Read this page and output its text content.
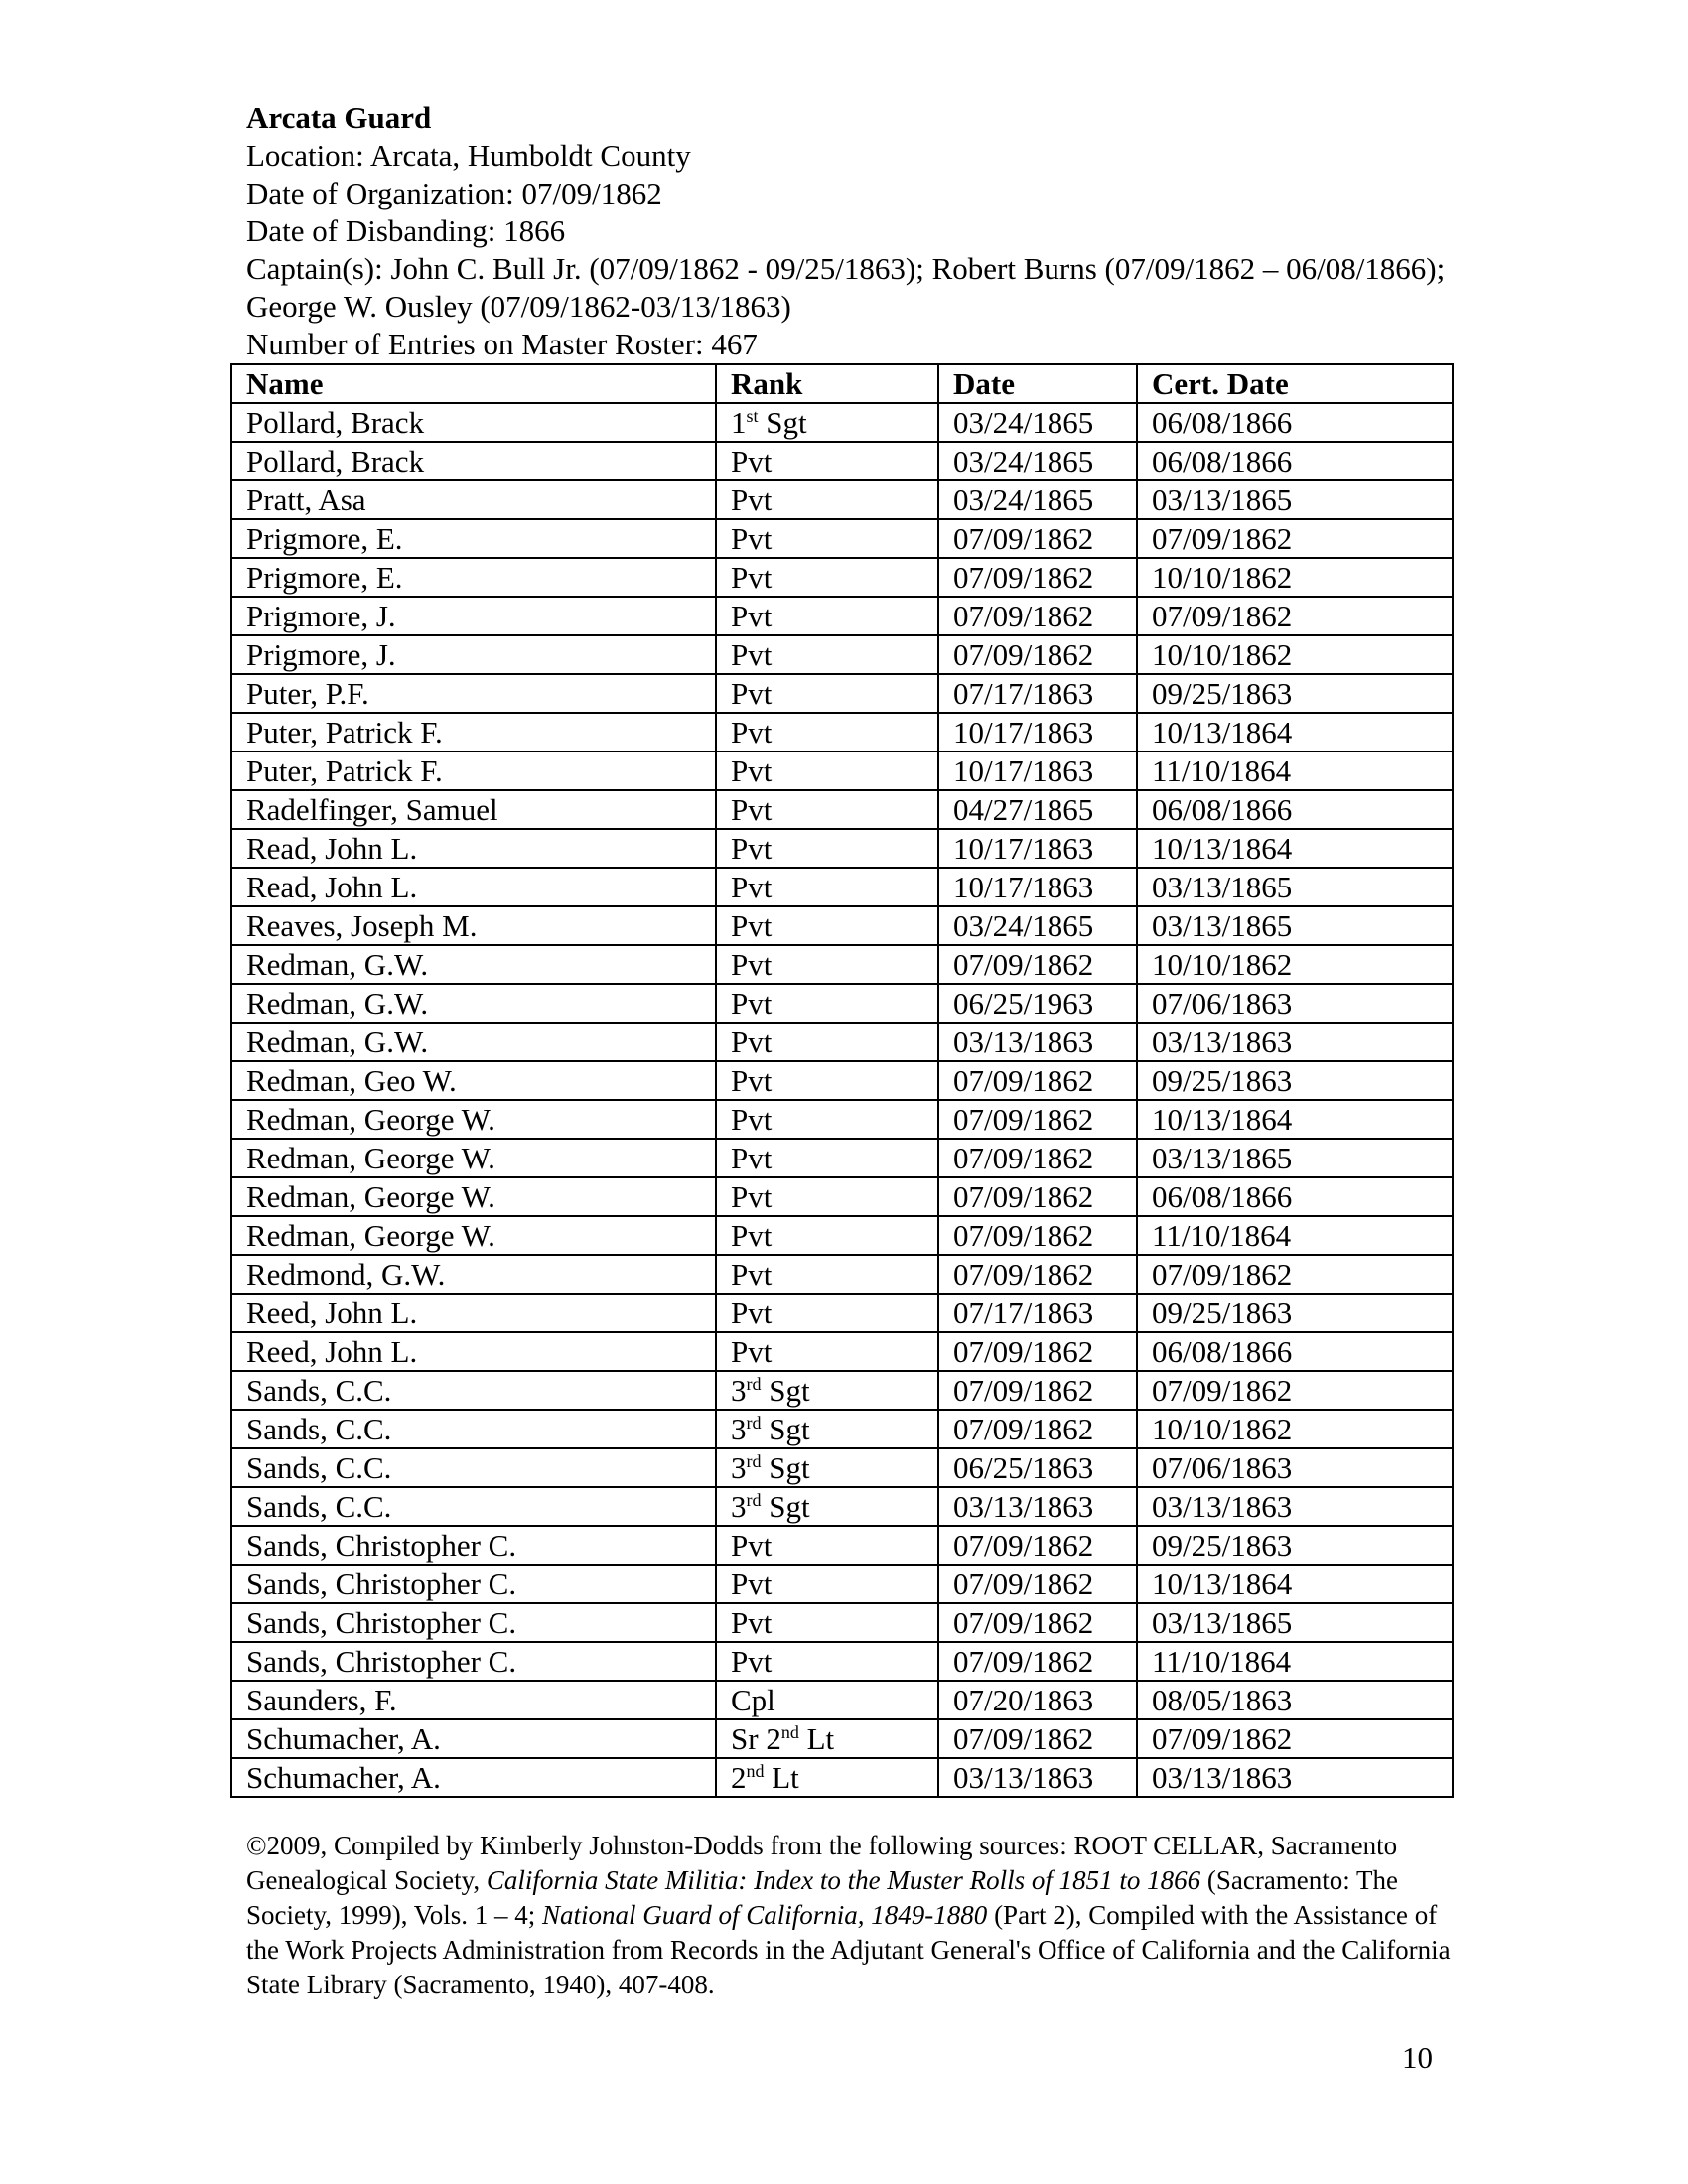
Arcata Guard
Location: Arcata, Humboldt County
Date of Organization: 07/09/1862
Date of Disbanding: 1866
Captain(s): John C. Bull Jr. (07/09/1862 - 09/25/1863); Robert Burns (07/09/1862 – 06/08/1866); George W. Ousley (07/09/1862-03/13/1863)
Number of Entries on Master Roster: 467
Name	Rank	Date	Cert. Date
Pollard, Brack	1st Sgt	03/24/1865	06/08/1866
Pollard, Brack	Pvt	03/24/1865	06/08/1866
Pratt, Asa	Pvt	03/24/1865	03/13/1865
Prigmore, E.	Pvt	07/09/1862	07/09/1862
Prigmore, E.	Pvt	07/09/1862	10/10/1862
Prigmore, J.	Pvt	07/09/1862	07/09/1862
Prigmore, J.	Pvt	07/09/1862	10/10/1862
Puter, P.F.	Pvt	07/17/1863	09/25/1863
Puter, Patrick F.	Pvt	10/17/1863	10/13/1864
Puter, Patrick F.	Pvt	10/17/1863	11/10/1864
Radelfinger, Samuel	Pvt	04/27/1865	06/08/1866
Read, John L.	Pvt	10/17/1863	10/13/1864
Read, John L.	Pvt	10/17/1863	03/13/1865
Reaves, Joseph M.	Pvt	03/24/1865	03/13/1865
Redman, G.W.	Pvt	07/09/1862	10/10/1862
Redman, G.W.	Pvt	06/25/1963	07/06/1863
Redman, G.W.	Pvt	03/13/1863	03/13/1863
Redman, Geo W.	Pvt	07/09/1862	09/25/1863
Redman, George W.	Pvt	07/09/1862	10/13/1864
Redman, George W.	Pvt	07/09/1862	03/13/1865
Redman, George W.	Pvt	07/09/1862	06/08/1866
Redman, George W.	Pvt	07/09/1862	11/10/1864
Redmond, G.W.	Pvt	07/09/1862	07/09/1862
Reed, John L.	Pvt	07/17/1863	09/25/1863
Reed, John L.	Pvt	07/09/1862	06/08/1866
Sands, C.C.	3rd Sgt	07/09/1862	07/09/1862
Sands, C.C.	3rd Sgt	07/09/1862	10/10/1862
Sands, C.C.	3rd Sgt	06/25/1863	07/06/1863
Sands, C.C.	3rd Sgt	03/13/1863	03/13/1863
Sands, Christopher C.	Pvt	07/09/1862	09/25/1863
Sands, Christopher C.	Pvt	07/09/1862	10/13/1864
Sands, Christopher C.	Pvt	07/09/1862	03/13/1865
Sands, Christopher C.	Pvt	07/09/1862	11/10/1864
Saunders, F.	Cpl	07/20/1863	08/05/1863
Schumacher, A.	Sr 2nd Lt	07/09/1862	07/09/1862
Schumacher, A.	2nd Lt	03/13/1863	03/13/1863
©2009, Compiled by Kimberly Johnston-Dodds from the following sources: ROOT CELLAR, Sacramento Genealogical Society, California State Militia: Index to the Muster Rolls of 1851 to 1866 (Sacramento: The Society, 1999), Vols. 1 – 4; National Guard of California, 1849-1880 (Part 2), Compiled with the Assistance of the Work Projects Administration from Records in the Adjutant General's Office of California and the California State Library (Sacramento, 1940), 407-408.
10
